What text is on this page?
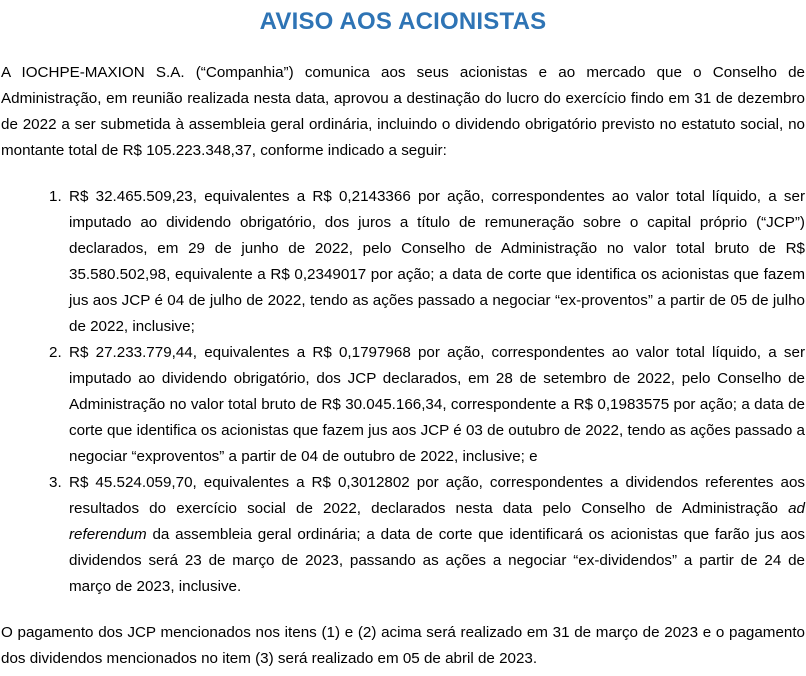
AVISO AOS ACIONISTAS

A IOCHPE-MAXION S.A. (“Companhia”) comunica aos seus acionistas e ao mercado que o Conselho de Administração, em reunião realizada nesta data, aprovou a destinação do lucro do exercício findo em 31 de dezembro de 2022 a ser submetida à assembleia geral ordinária, incluindo o dividendo obrigatório previsto no estatuto social, no montante total de R$ 105.223.348,37, conforme indicado a seguir:

1. R$ 32.465.509,23, equivalentes a R$ 0,2143366 por ação, correspondentes ao valor total líquido, a ser imputado ao dividendo obrigatório, dos juros a título de remuneração sobre o capital próprio (“JCP”) declarados, em 29 de junho de 2022, pelo Conselho de Administração no valor total bruto de R$ 35.580.502,98, equivalente a R$ 0,2349017 por ação; a data de corte que identifica os acionistas que fazem jus aos JCP é 04 de julho de 2022, tendo as ações passado a negociar “ex-proventos” a partir de 05 de julho de 2022, inclusive;
2. R$ 27.233.779,44, equivalentes a R$ 0,1797968 por ação, correspondentes ao valor total líquido, a ser imputado ao dividendo obrigatório, dos JCP declarados, em 28 de setembro de 2022, pelo Conselho de Administração no valor total bruto de R$ 30.045.166,34, correspondente a R$ 0,1983575 por ação; a data de corte que identifica os acionistas que fazem jus aos JCP é 03 de outubro de 2022, tendo as ações passado a negociar “exproventos” a partir de 04 de outubro de 2022, inclusive; e
3. R$ 45.524.059,70, equivalentes a R$ 0,3012802 por ação, correspondentes a dividendos referentes aos resultados do exercício social de 2022, declarados nesta data pelo Conselho de Administração ad referendum da assembleia geral ordinária; a data de corte que identificará os acionistas que farão jus aos dividendos será 23 de março de 2023, passando as ações a negociar “ex-dividendos” a partir de 24 de março de 2023, inclusive.

O pagamento dos JCP mencionados nos itens (1) e (2) acima será realizado em 31 de março de 2023 e o pagamento dos dividendos mencionados no item (3) será realizado em 05 de abril de 2023.
